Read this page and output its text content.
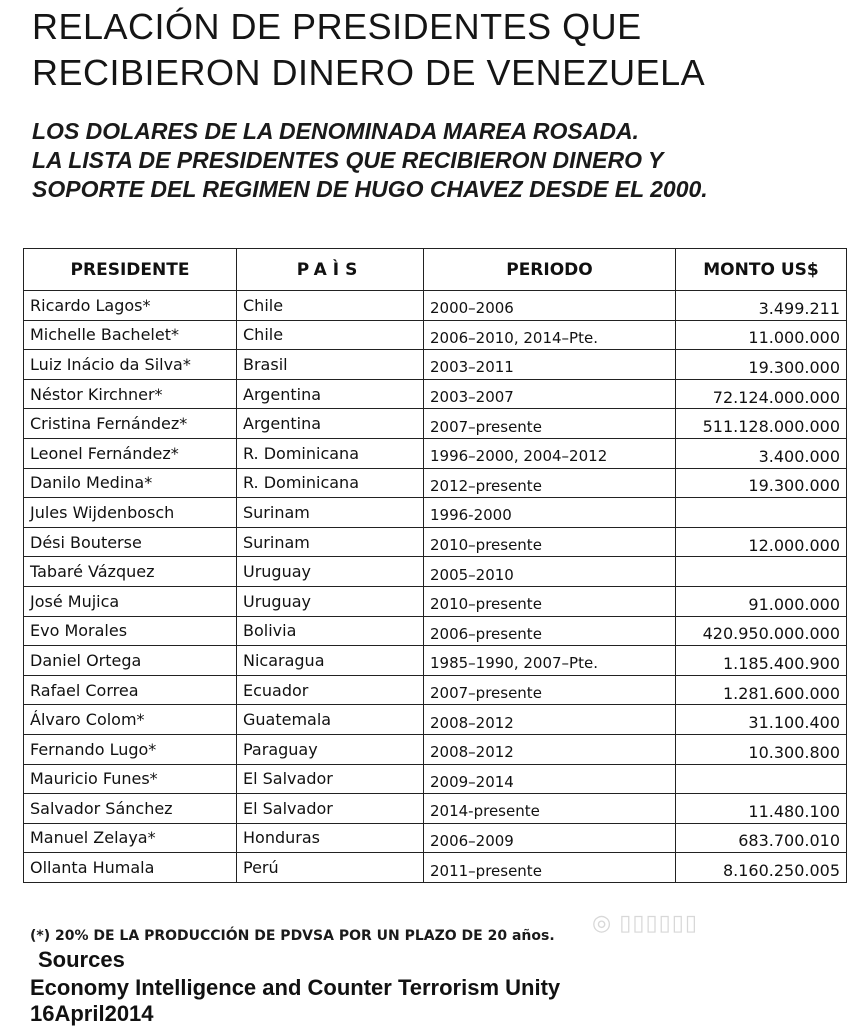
RELACIÓN DE PRESIDENTES QUE
RECIBIERON DINERO DE VENEZUELA
LOS DOLARES DE LA DENOMINADA MAREA ROSADA.
LA LISTA DE PRESIDENTES QUE RECIBIERON DINERO Y
SOPORTE DEL REGIMEN DE HUGO CHAVEZ DESDE EL 2000.
PRESIDENTE	PAÌS	PERIODO	MONTO US$
Ricardo Lagos*	Chile	2000–2006	3.499.211
Michelle Bachelet*	Chile	2006–2010, 2014–Pte.	11.000.000
Luiz Inácio da Silva*	Brasil	2003–2011	19.300.000
Néstor Kirchner*	Argentina	2003–2007	72.124.000.000
Cristina Fernández*	Argentina	2007–presente	511.128.000.000
Leonel Fernández*	R. Dominicana	1996–2000, 2004–2012	3.400.000
Danilo Medina*	R. Dominicana	2012–presente	19.300.000
Jules Wijdenbosch	Surinam	1996-2000	
Dési Bouterse	Surinam	2010–presente	12.000.000
Tabaré Vázquez	Uruguay	2005–2010	
José Mujica	Uruguay	2010–presente	91.000.000
Evo Morales	Bolivia	2006–presente	420.950.000.000
Daniel Ortega	Nicaragua	1985–1990, 2007–Pte.	1.185.400.900
Rafael Correa	Ecuador	2007–presente	1.281.600.000
Álvaro Colom*	Guatemala	2008–2012	31.100.400
Fernando Lugo*	Paraguay	2008–2012	10.300.800
Mauricio Funes*	El Salvador	2009–2014	
Salvador Sánchez	El Salvador	2014-presente	11.480.100
Manuel Zelaya*	Honduras	2006–2009	683.700.010
Ollanta Humala	Perú	2011–presente	8.160.250.005

(*) 20% DE LA PRODUCCIÓN DE PDVSA POR UN PLAZO DE 20 años.

Sources

Economy Intelligence and Counter Terrorism Unity

16April2014

◎ ▯▯▯▯▯▯
